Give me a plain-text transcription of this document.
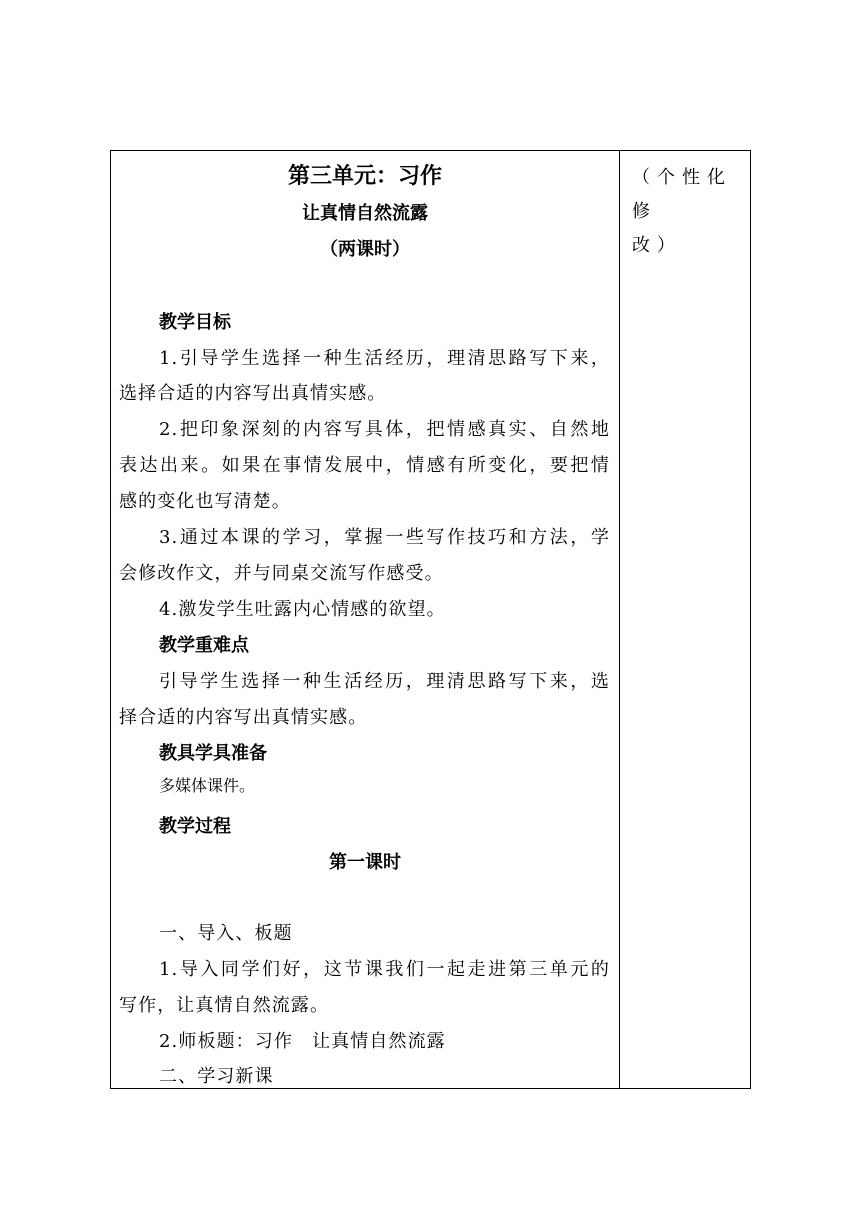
第三单元：习作
让真情自然流露
（两课时）
教学目标
1.引导学生选择一种生活经历，理清思路写下来，
选择合适的内容写出真情实感。
2.把印象深刻的内容写具体，把情感真实、自然地
表达出来。如果在事情发展中，情感有所变化，要把情
感的变化也写清楚。
3.通过本课的学习，掌握一些写作技巧和方法，学
会修改作文，并与同桌交流写作感受。
4.激发学生吐露内心情感的欲望。
教学重难点
引导学生选择一种生活经历，理清思路写下来，选
择合适的内容写出真情实感。
教具学具准备
多媒体课件。
教学过程
第一课时
一、导入、板题
1.导入同学们好，这节课我们一起走进第三单元的
写作，让真情自然流露。
2.师板题：习作　让真情自然流露
二、学习新课
（个性化修
改）
